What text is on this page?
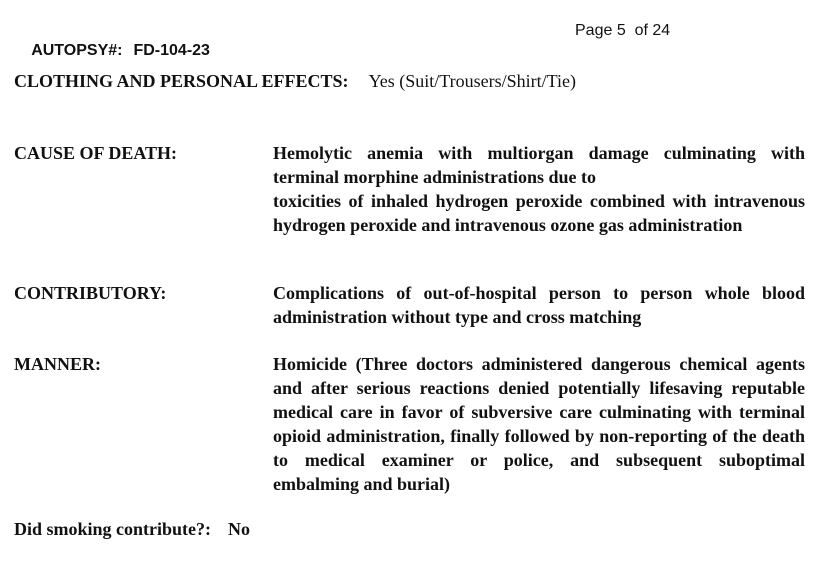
AUTOPSY#: FD-104-23

Page 5  of 24
CLOTHING AND PERSONAL EFFECTS: Yes (Suit/Trousers/Shirt/Tie)
CAUSE OF DEATH:	Hemolytic anemia with multiorgan damage culminating with terminal morphine administrations due to

toxicities of inhaled hydrogen peroxide combined with intravenous hydrogen peroxide and intravenous ozone gas administration

CONTRIBUTORY:	Complications of out-of-hospital person to person whole blood administration without type and cross matching

MANNER:	Homicide (Three doctors administered dangerous chemical agents and after serious reactions denied potentially lifesaving reputable medical care in favor of subversive care culminating with terminal opioid administration, finally followed by non-reporting of the death to medical examiner or police, and subsequent suboptimal embalming and burial)

Did smoking contribute?: No
